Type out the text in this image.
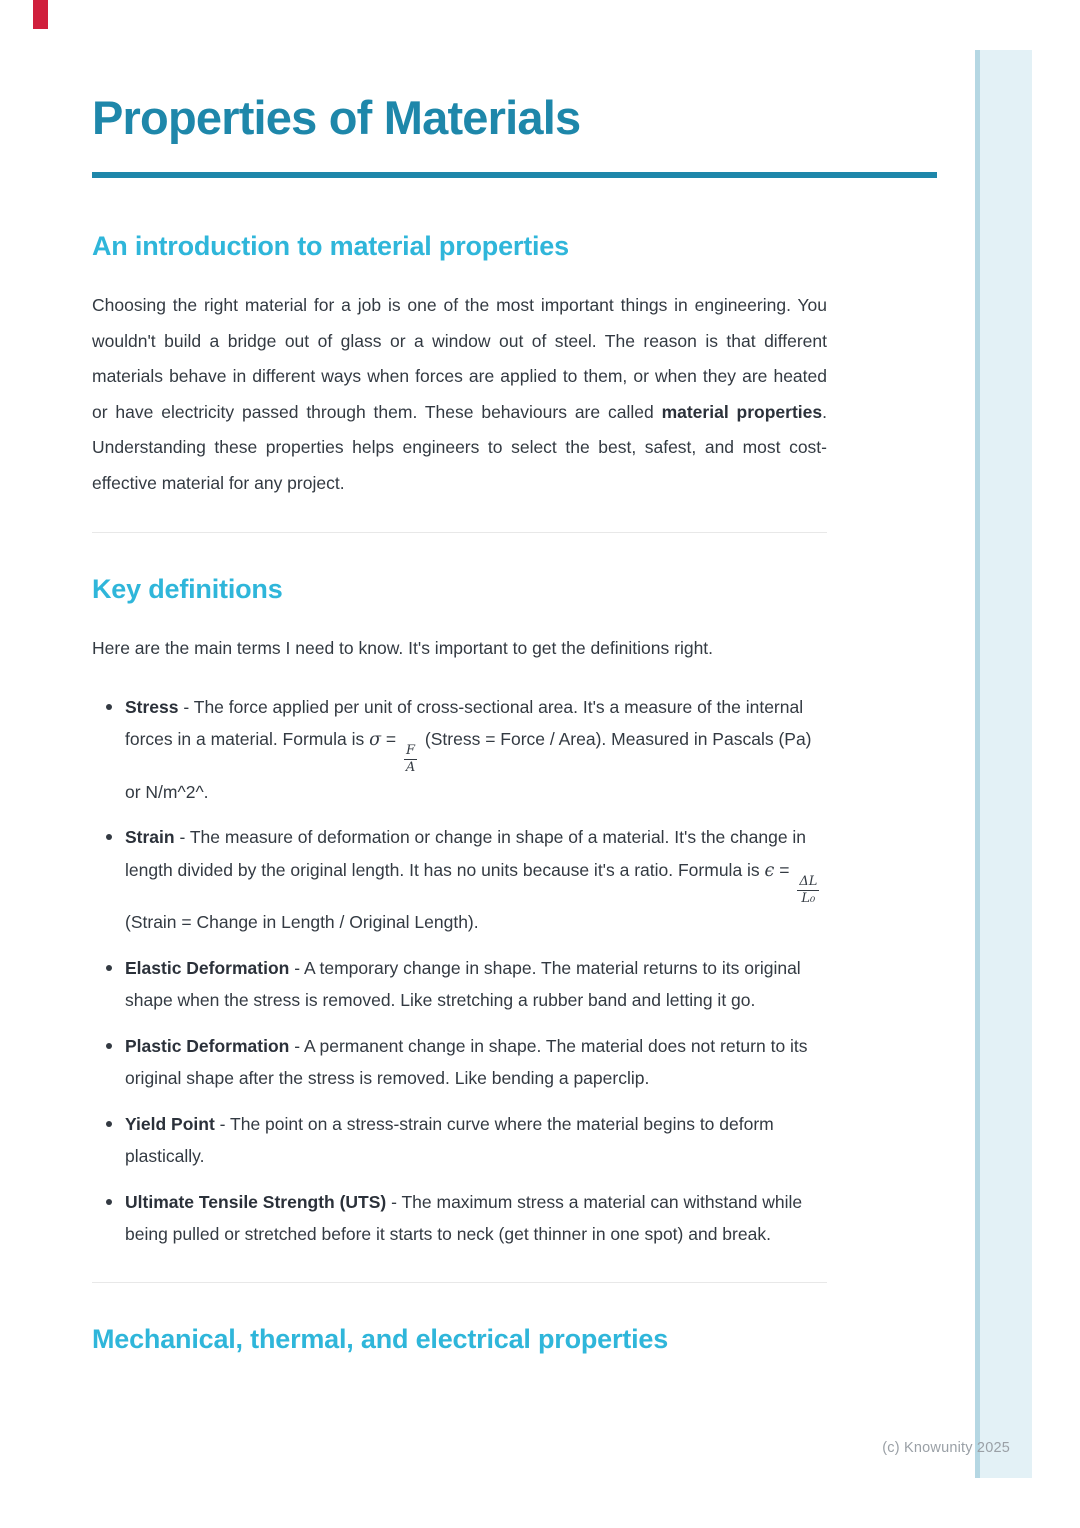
(c) Knowunity 2025
Properties of Materials
An introduction to material properties

Choosing the right material for a job is one of the most important things in engineering. You wouldn't build a bridge out of glass or a window out of steel. The reason is that different materials behave in different ways when forces are applied to them, or when they are heated or have electricity passed through them. These behaviours are called material properties. Understanding these properties helps engineers to select the best, safest, and most cost-effective material for any project.

Key definitions

Here are the main terms I need to know. It's important to get the definitions right.

Stress - The force applied per unit of cross-sectional area. It's a measure of the internal forces in a material. Formula is σ =
$\frac{F}{A}$
(Stress = Force / Area). Measured in Pascals (Pa) or N/m^2^.
Strain - The measure of deformation or change in shape of a material. It's the change in length divided by the original length. It has no units because it's a ratio. Formula is ϵ =
$\frac{\Delta L}{\text{L₀}}$
(Strain = Change in Length / Original Length).
Elastic Deformation - A temporary change in shape. The material returns to its original shape when the stress is removed. Like stretching a rubber band and letting it go.
Plastic Deformation - A permanent change in shape. The material does not return to its original shape after the stress is removed. Like bending a paperclip.
Yield Point - The point on a stress-strain curve where the material begins to deform plastically.
Ultimate Tensile Strength (UTS) - The maximum stress a material can withstand while being pulled or stretched before it starts to neck (get thinner in one spot) and break.
Mechanical, thermal, and electrical properties
